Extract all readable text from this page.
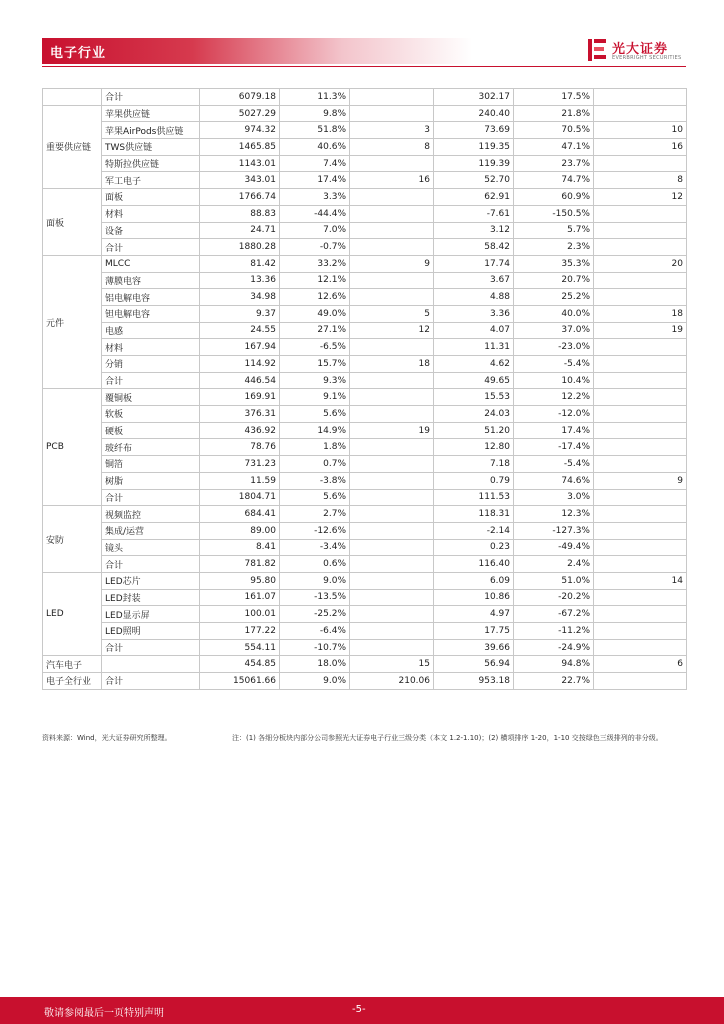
电子行业	光大证券
EVERBRIGHT SECURITIES
	合计	6079.18	11.3%		302.17	17.5%	
重要供应链	苹果供应链	5027.29	9.8%		240.40	21.8%	
	苹果AirPods供应链	974.32	51.8%	3	73.69	70.5%	10
	TWS供应链	1465.85	40.6%	8	119.35	47.1%	16
	特斯拉供应链	1143.01	7.4%		119.39	23.7%	
	军工电子	343.01	17.4%	16	52.70	74.7%	8
面板	面板	1766.74	3.3%		62.91	60.9%	12
	材料	88.83	-44.4%		-7.61	-150.5%	
	设备	24.71	7.0%		3.12	5.7%	
	合计	1880.28	-0.7%		58.42	2.3%	
元件	MLCC	81.42	33.2%	9	17.74	35.3%	20
	薄膜电容	13.36	12.1%		3.67	20.7%	
	铝电解电容	34.98	12.6%		4.88	25.2%	
	钽电解电容	9.37	49.0%	5	3.36	40.0%	18
	电感	24.55	27.1%	12	4.07	37.0%	19
	材料	167.94	-6.5%		11.31	-23.0%	
	分销	114.92	15.7%	18	4.62	-5.4%	
	合计	446.54	9.3%		49.65	10.4%	
PCB	覆铜板	169.91	9.1%		15.53	12.2%	
	软板	376.31	5.6%		24.03	-12.0%	
	硬板	436.92	14.9%	19	51.20	17.4%	
	玻纤布	78.76	1.8%		12.80	-17.4%	
	铜箔	731.23	0.7%		7.18	-5.4%	
	树脂	11.59	-3.8%		0.79	74.6%	9
	合计	1804.71	5.6%		111.53	3.0%	
安防	视频监控	684.41	2.7%		118.31	12.3%	
	集成/运营	89.00	-12.6%		-2.14	-127.3%	
	镜头	8.41	-3.4%		0.23	-49.4%	
	合计	781.82	0.6%		116.40	2.4%	
LED	LED芯片	95.80	9.0%		6.09	51.0%	14
	LED封装	161.07	-13.5%		10.86	-20.2%	
	LED显示屏	100.01	-25.2%		4.97	-67.2%	
	LED照明	177.22	-6.4%		17.75	-11.2%	
	合计	554.11	-10.7%		39.66	-24.9%	
汽车电子		454.85	18.0%	15	56.94	94.8%	6
电子全行业	合计	15061.66	9.0%	210.06	953.18	22.7%	
资料来源：Wind，光大证券研究所整理。	注：(1) 各细分板块内部分公司参照光大证券电子行业三级分类（本文 1.2-1.10)；(2) 横项排序 1-20，1-10 交按绿色三级排列的非分级。
敬请参阅最后一页特别声明	-5-
